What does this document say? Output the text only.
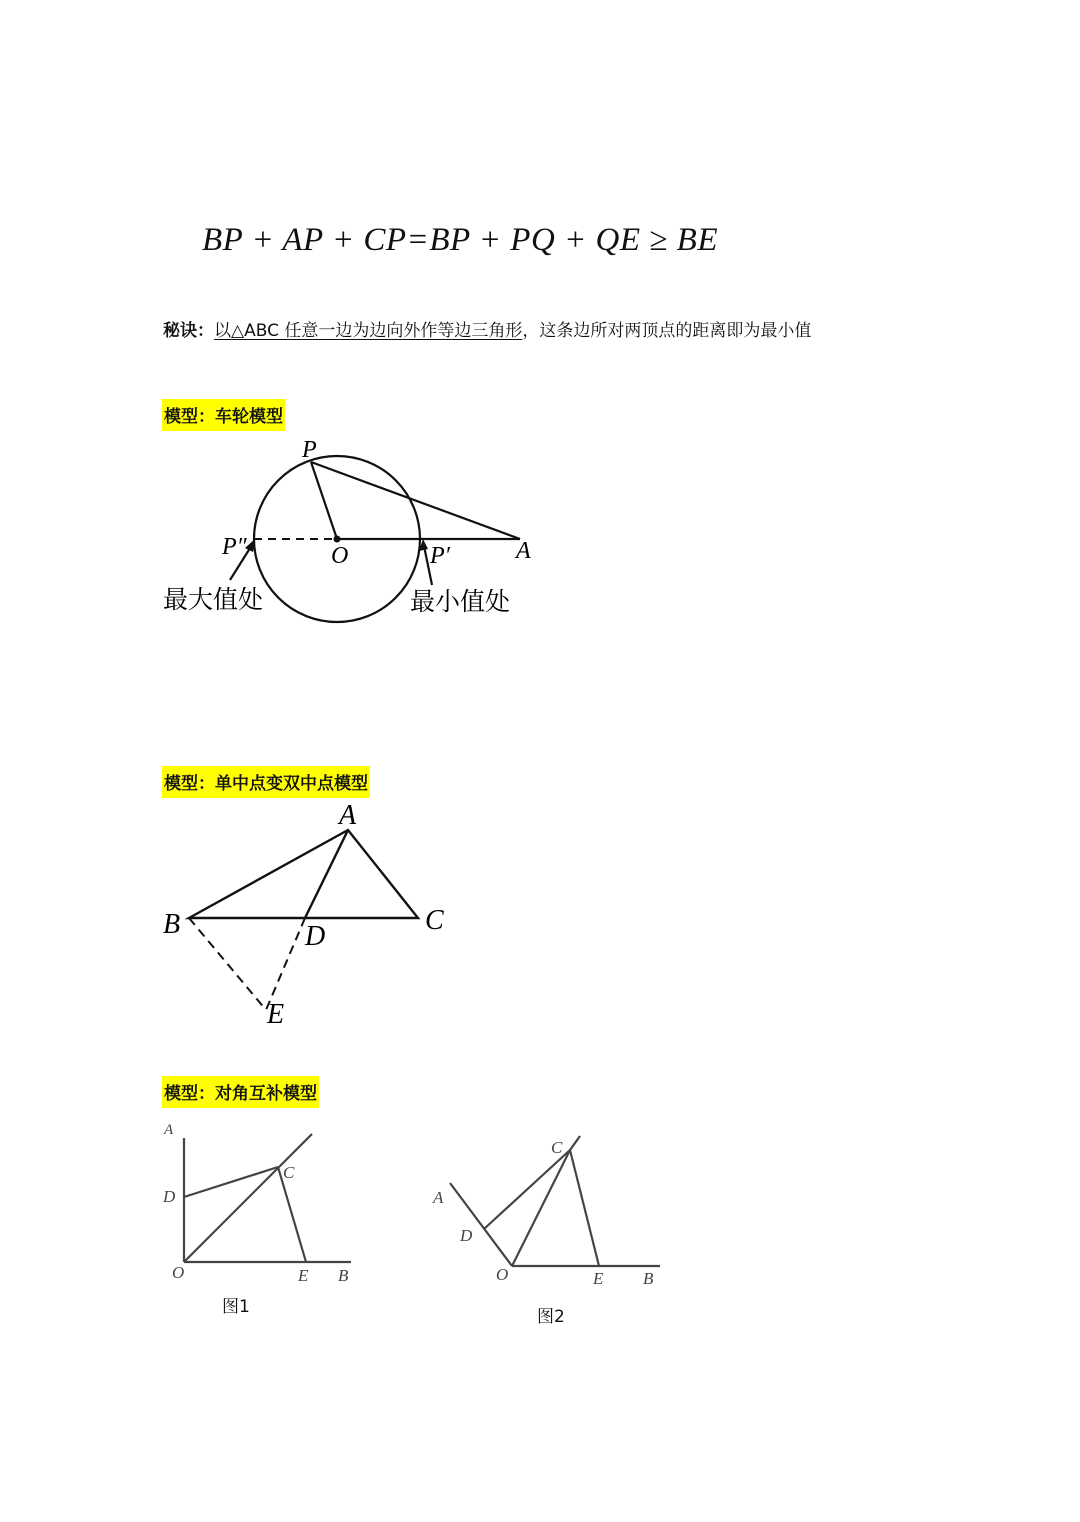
BP + AP + CP=BP + PQ + QE ≥ BE
秘诀：以△ABC 任意一边为边向外作等边三角形，这条边所对两顶点的距离即为最小值
模型：车轮模型
P
O	A
P″	P′
最大值处	最小值处
模型：单中点变双中点模型
A
B	C
D
E
模型：对角互补模型
A
D
C
O	E B
A
D
C
O	E B
图1	图2
